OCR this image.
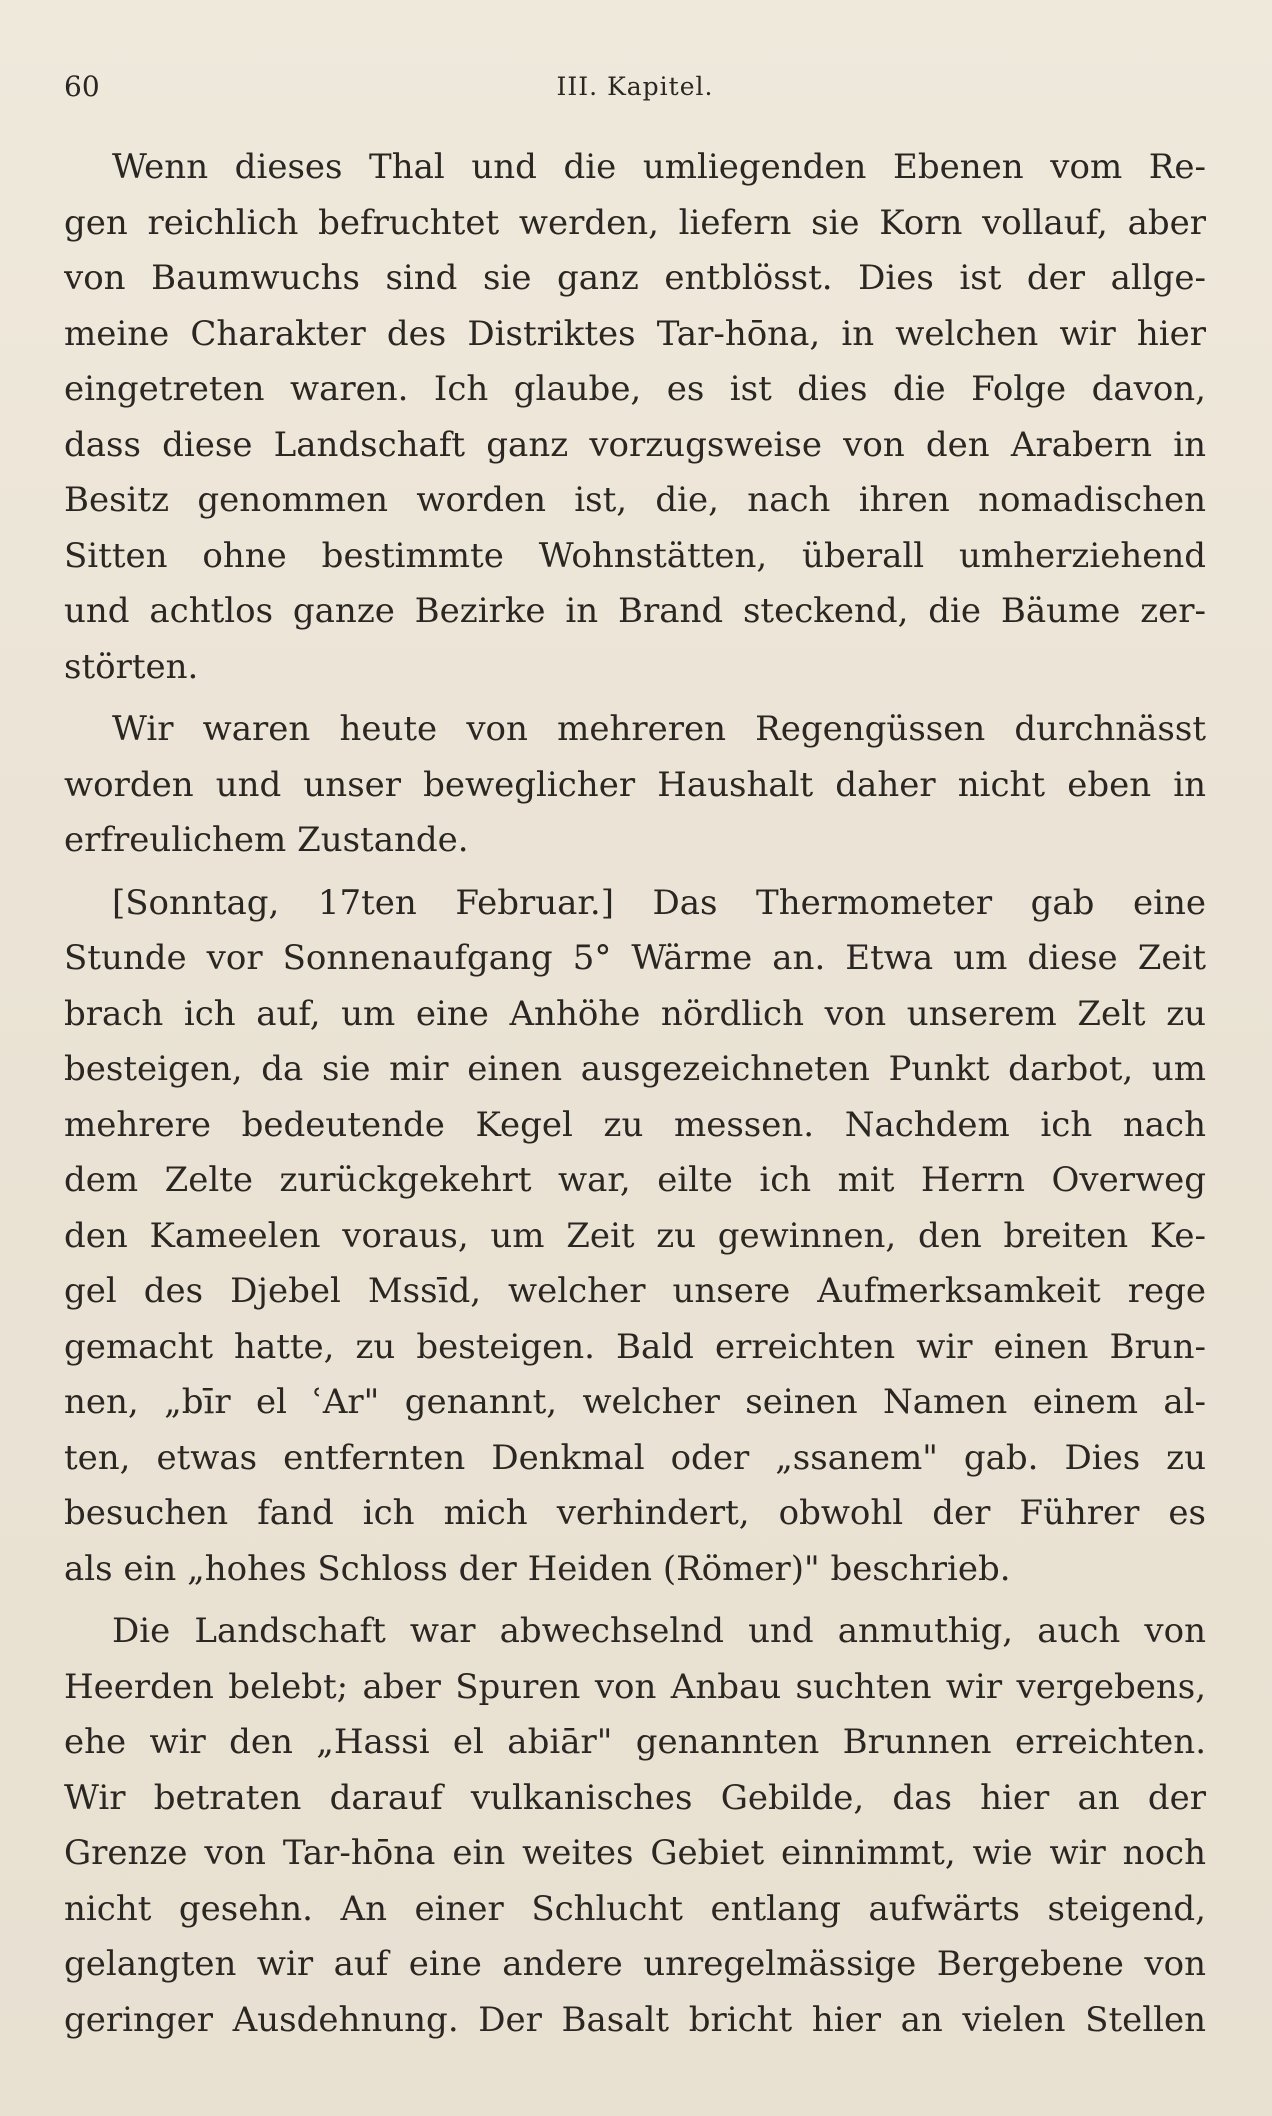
60	III. Kapitel.
Wenn dieses Thal und die umliegenden Ebenen vom Re-
gen reichlich befruchtet werden, liefern sie Korn vollauf, aber
von Baumwuchs sind sie ganz entblösst. Dies ist der allge-
meine Charakter des Distriktes Tar-hōna, in welchen wir hier
eingetreten waren. Ich glaube, es ist dies die Folge davon,
dass diese Landschaft ganz vorzugsweise von den Arabern in
Besitz genommen worden ist, die, nach ihren nomadischen
Sitten ohne bestimmte Wohnstätten, überall umherziehend
und achtlos ganze Bezirke in Brand steckend, die Bäume zer-
störten.
Wir waren heute von mehreren Regengüssen durchnässt
worden und unser beweglicher Haushalt daher nicht eben in
erfreulichem Zustande.
[Sonntag, 17ten Februar.] Das Thermometer gab eine
Stunde vor Sonnenaufgang 5° Wärme an. Etwa um diese Zeit
brach ich auf, um eine Anhöhe nördlich von unserem Zelt zu
besteigen, da sie mir einen ausgezeichneten Punkt darbot, um
mehrere bedeutende Kegel zu messen. Nachdem ich nach
dem Zelte zurückgekehrt war, eilte ich mit Herrn Overweg
den Kameelen voraus, um Zeit zu gewinnen, den breiten Ke-
gel des Djebel Mssīd, welcher unsere Aufmerksamkeit rege
gemacht hatte, zu besteigen. Bald erreichten wir einen Brun-
nen, „bīr el ʿAr" genannt, welcher seinen Namen einem al-
ten, etwas entfernten Denkmal oder „ssanem" gab. Dies zu
besuchen fand ich mich verhindert, obwohl der Führer es
als ein „hohes Schloss der Heiden (Römer)" beschrieb.
Die Landschaft war abwechselnd und anmuthig, auch von
Heerden belebt; aber Spuren von Anbau suchten wir vergebens,
ehe wir den „Hassi el abiār" genannten Brunnen erreichten.
Wir betraten darauf vulkanisches Gebilde, das hier an der
Grenze von Tar-hōna ein weites Gebiet einnimmt, wie wir noch
nicht gesehn. An einer Schlucht entlang aufwärts steigend,
gelangten wir auf eine andere unregelmässige Bergebene von
geringer Ausdehnung. Der Basalt bricht hier an vielen Stellen
